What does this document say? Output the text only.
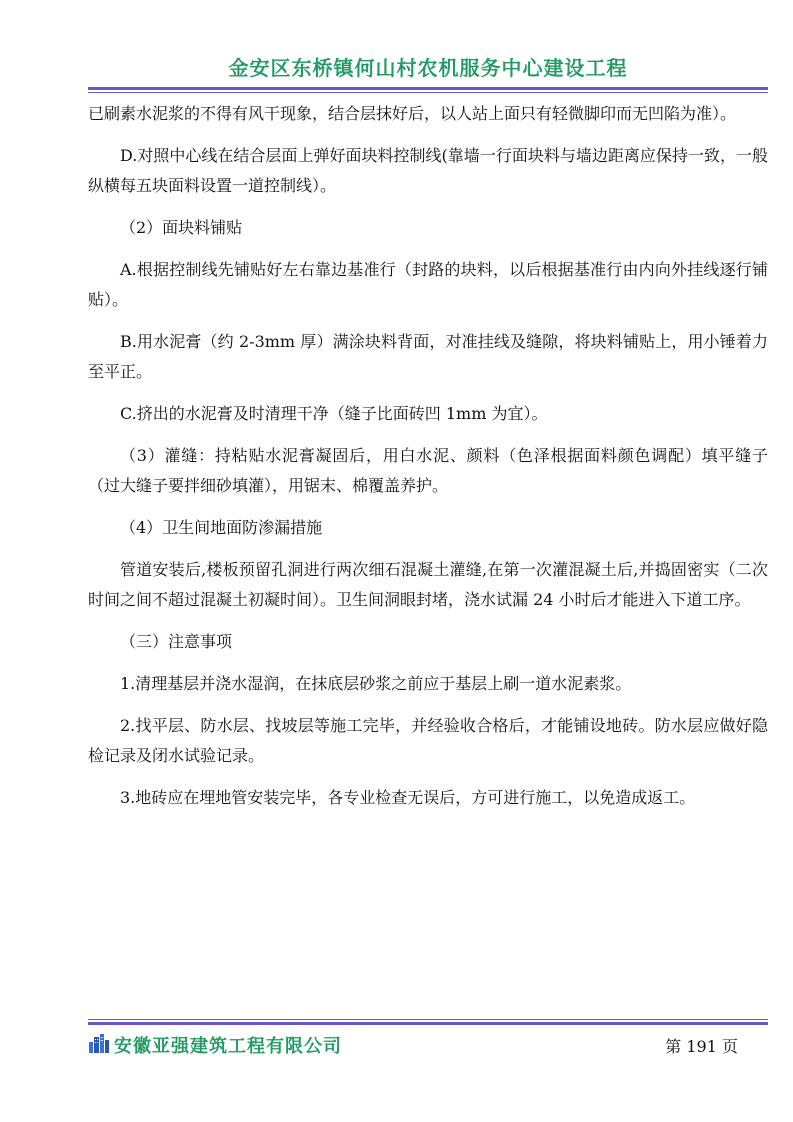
金安区东桥镇何山村农机服务中心建设工程

已刷素水泥浆的不得有风干现象，结合层抹好后，以人站上面只有轻微脚印而无凹陷为准）。

D.对照中心线在结合层面上弹好面块料控制线(靠墙一行面块料与墙边距离应保持一致，一般纵横每五块面料设置一道控制线）。

（2）面块料铺贴

A.根据控制线先铺贴好左右靠边基准行（封路的块料，以后根据基准行由内向外挂线逐行铺贴）。

B.用水泥膏（约 2-3mm 厚）满涂块料背面，对准挂线及缝隙，将块料铺贴上，用小锤着力至平正。

C.挤出的水泥膏及时清理干净（缝子比面砖凹 1mm 为宜）。

（3）灌缝：持粘贴水泥膏凝固后，用白水泥、颜料（色泽根据面料颜色调配）填平缝子（过大缝子要拌细砂填灌），用锯末、棉覆盖养护。

（4）卫生间地面防渗漏措施

管道安装后,楼板预留孔洞进行两次细石混凝土灌缝,在第一次灌混凝土后,并捣固密实（二次时间之间不超过混凝土初凝时间）。卫生间洞眼封堵，浇水试漏 24 小时后才能进入下道工序。

（三）注意事项

1.清理基层并浇水湿润，在抹底层砂浆之前应于基层上刷一道水泥素浆。

2.找平层、防水层、找坡层等施工完毕，并经验收合格后，才能铺设地砖。防水层应做好隐检记录及闭水试验记录。

3.地砖应在埋地管安装完毕，各专业检查无误后，方可进行施工，以免造成返工。

安徽亚强建筑工程有限公司	第 191 页
